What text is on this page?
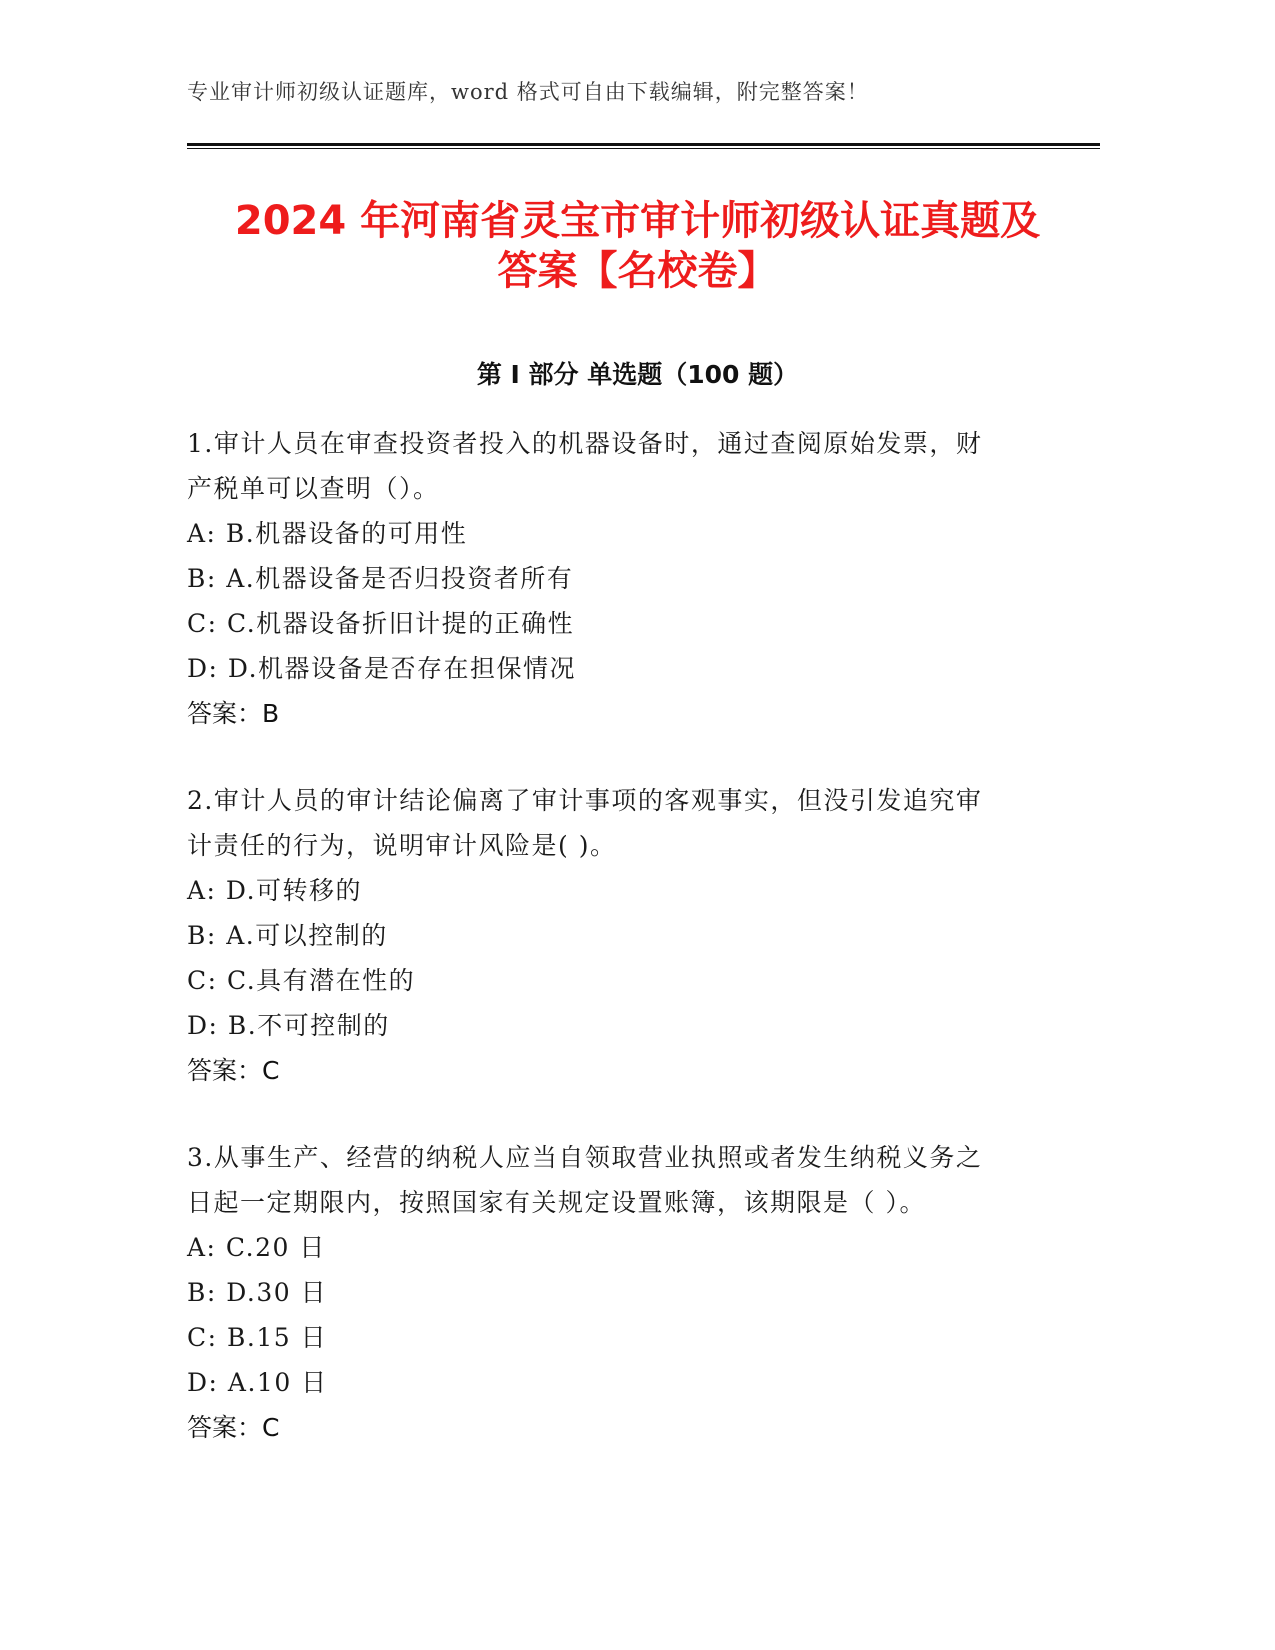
专业审计师初级认证题库，word 格式可自由下载编辑，附完整答案！
2024 年河南省灵宝市审计师初级认证真题及
答案【名校卷】
第 I 部分 单选题（100 题）

1.审计人员在审查投资者投入的机器设备时，通过查阅原始发票，财

产税单可以查明（）。

A: B.机器设备的可用性

B: A.机器设备是否归投资者所有

C: C.机器设备折旧计提的正确性

D: D.机器设备是否存在担保情况

答案：B

2.审计人员的审计结论偏离了审计事项的客观事实，但没引发追究审

计责任的行为，说明审计风险是( )。

A: D.可转移的

B: A.可以控制的

C: C.具有潜在性的

D: B.不可控制的

答案：C

3.从事生产、经营的纳税人应当自领取营业执照或者发生纳税义务之

日起一定期限内，按照国家有关规定设置账簿，该期限是（ ）。

A: C.20 日

B: D.30 日

C: B.15 日

D: A.10 日

答案：C
